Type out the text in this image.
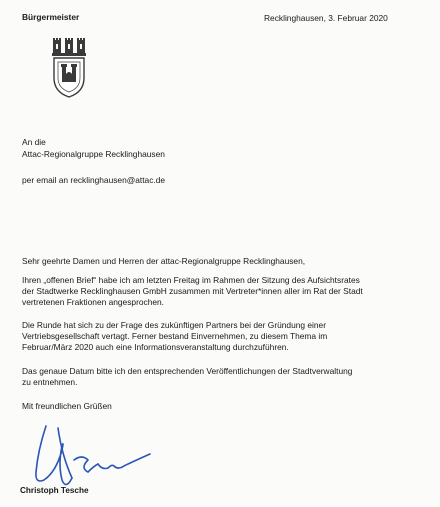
Bürgermeister	Recklinghausen, 3. Februar 2020
An die
Attac-Regionalgruppe Recklinghausen
per email an recklinghausen@attac.de
Sehr geehrte Damen und Herren der attac-Regionalgruppe Recklinghausen,
Ihren „offenen Brief“ habe ich am letzten Freitag im Rahmen der Sitzung des Aufsichtsrates
der Stadtwerke Recklinghausen GmbH zusammen mit Vertreter*innen aller im Rat der Stadt
vertretenen Fraktionen angesprochen.
Die Runde hat sich zu der Frage des zukünftigen Partners bei der Gründung einer
Vertriebsgesellschaft vertagt. Ferner bestand Einvernehmen, zu diesem Thema im
Februar/März 2020 auch eine Informationsveranstaltung durchzuführen.
Das genaue Datum bitte ich den entsprechenden Veröffentlichungen der Stadtverwaltung
zu entnehmen.
Mit freundlichen Grüßen
Christoph Tesche
